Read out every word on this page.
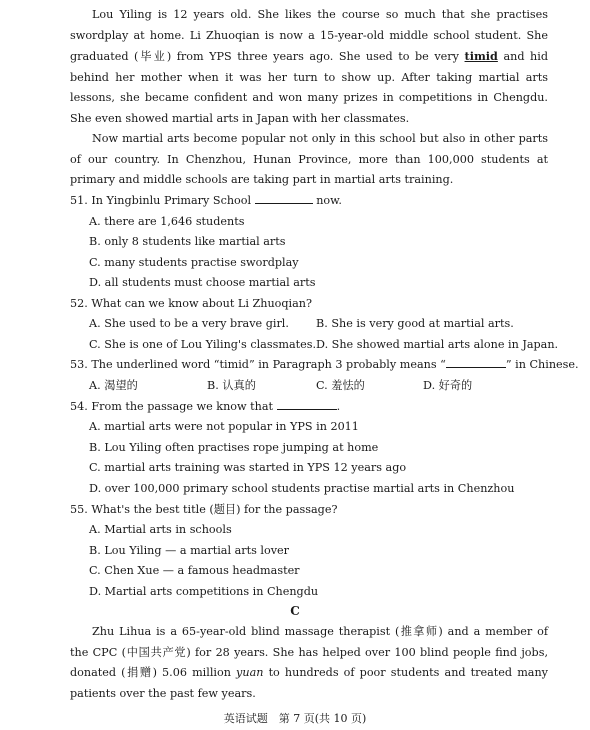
Lou Yiling is 12 years old. She likes the course so much that she practises swordplay at home. Li Zhuoqian is now a 15-year-old middle school student. She graduated (毕业) from YPS three years ago. She used to be very timid and hid behind her mother when it was her turn to show up. After taking martial arts lessons, she became confident and won many prizes in competitions in Chengdu. She even showed martial arts in Japan with her classmates.

Now martial arts become popular not only in this school but also in other parts of our country. In Chenzhou, Hunan Province, more than 100,000 students at primary and middle schools are taking part in martial arts training.

51. In Yingbinlu Primary School	now.
A. there are 1,646 students
B. only 8 students like martial arts
C. many students practise swordplay
D. all students must choose martial arts
52. What can we know about Li Zhuoqian?
A. She used to be a very brave girl. B. She is very good at martial arts.
C. She is one of Lou Yiling's classmates. D. She showed martial arts alone in Japan.
53. The underlined word “timid” in Paragraph 3 probably means “	” in Chinese.
A. 渴望的	B. 认真的	C. 羞怯的	D. 好奇的
54. From the passage we know that	.
A. martial arts were not popular in YPS in 2011
B. Lou Yiling often practises rope jumping at home
C. martial arts training was started in YPS 12 years ago
D. over 100,000 primary school students practise martial arts in Chenzhou
55. What's the best title (题目) for the passage?
A. Martial arts in schools
B. Lou Yiling — a martial arts lover
C. Chen Xue — a famous headmaster
D. Martial arts competitions in Chengdu
C

Zhu Lihua is a 65-year-old blind massage therapist (推拿师) and a member of the CPC (中国共产党) for 28 years. She has helped over 100 blind people find jobs, donated (捐赠) 5.06 million yuan to hundreds of poor students and treated many patients over the past few years.

英语试题　第 7 页(共 10 页)
